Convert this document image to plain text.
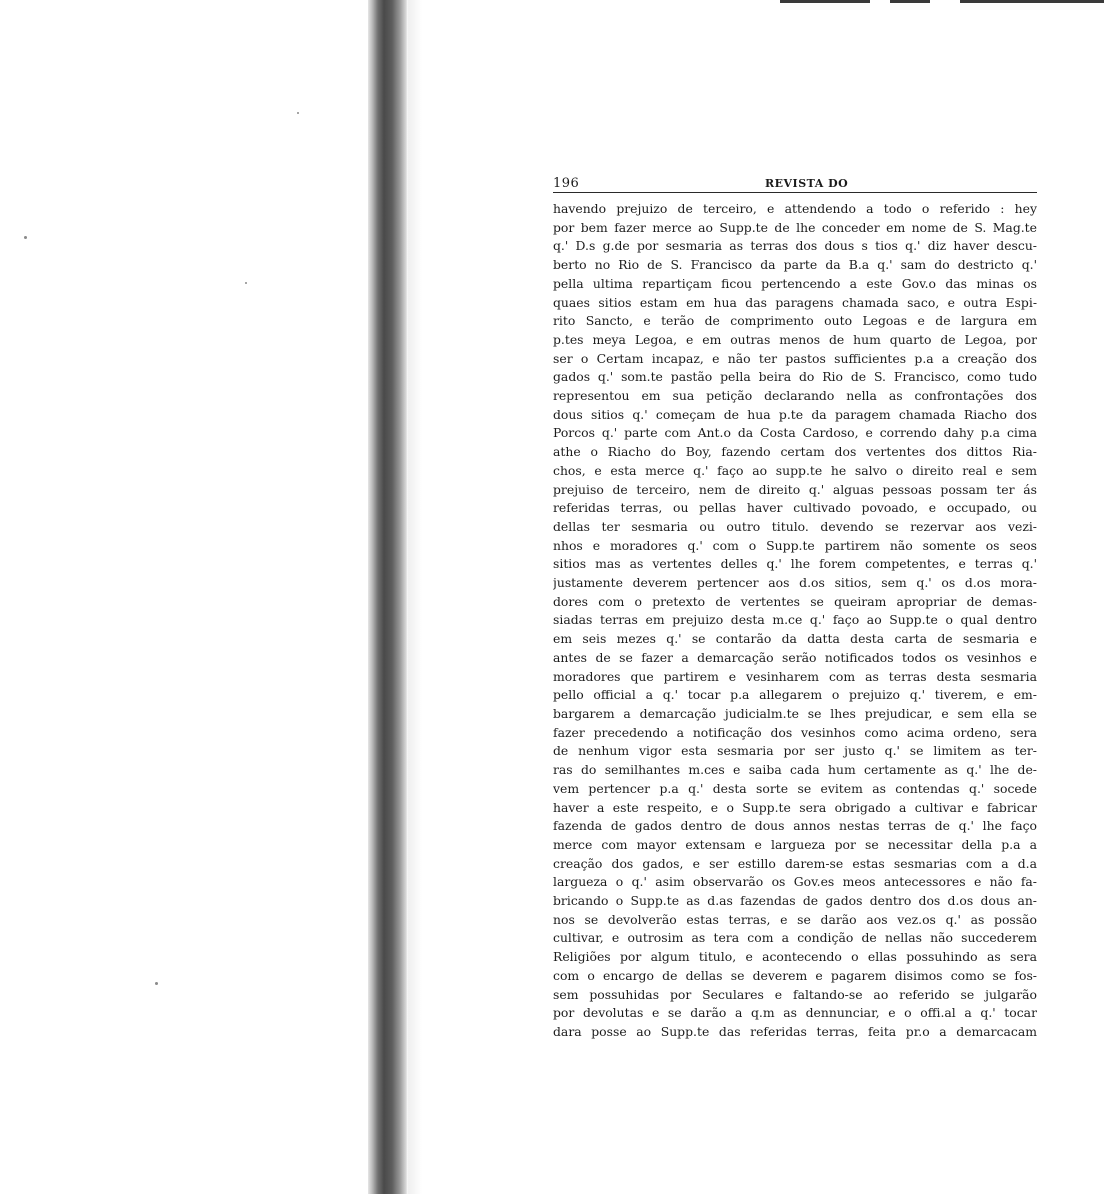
196	REVISTA DO
havendo prejuizo de terceiro, e attendendo a todo o referido : hey
por bem fazer merce ao Supp.te de lhe conceder em nome de S. Mag.te
q.' D.s g.de por sesmaria as terras dos dous s tios q.' diz haver descu-
berto no Rio de S. Francisco da parte da B.a q.' sam do destricto q.'
pella ultima repartiçam ficou pertencendo a este Gov.o das minas os
quaes sitios estam em hua das paragens chamada saco, e outra Espi-
rito Sancto, e terão de comprimento outo Legoas e de largura em
p.tes meya Legoa, e em outras menos de hum quarto de Legoa, por
ser o Certam incapaz, e não ter pastos sufficientes p.a a creação dos
gados q.' som.te pastão pella beira do Rio de S. Francisco, como tudo
representou em sua petição declarando nella as confrontações dos
dous sitios q.' começam de hua p.te da paragem chamada Riacho dos
Porcos q.' parte com Ant.o da Costa Cardoso, e correndo dahy p.a cima
athe o Riacho do Boy, fazendo certam dos vertentes dos dittos Ria-
chos, e esta merce q.' faço ao supp.te he salvo o direito real e sem
prejuiso de terceiro, nem de direito q.' alguas pessoas possam ter ás
referidas terras, ou pellas haver cultivado povoado, e occupado, ou
dellas ter sesmaria ou outro titulo. devendo se rezervar aos vezi-
nhos e moradores q.' com o Supp.te partirem não somente os seos
sitios mas as vertentes delles q.' lhe forem competentes, e terras q.'
justamente deverem pertencer aos d.os sitios, sem q.' os d.os mora-
dores com o pretexto de vertentes se queiram apropriar de demas-
siadas terras em prejuizo desta m.ce q.' faço ao Supp.te o qual dentro
em seis mezes q.' se contarão da datta desta carta de sesmaria e
antes de se fazer a demarcação serão notificados todos os vesinhos e
moradores que partirem e vesinharem com as terras desta sesmaria
pello official a q.' tocar p.a allegarem o prejuizo q.' tiverem, e em-
bargarem a demarcação judicialm.te se lhes prejudicar, e sem ella se
fazer precedendo a notificação dos vesinhos como acima ordeno, sera
de nenhum vigor esta sesmaria por ser justo q.' se limitem as ter-
ras do semilhantes m.ces e saiba cada hum certamente as q.' lhe de-
vem pertencer p.a q.' desta sorte se evitem as contendas q.' socede
haver a este respeito, e o Supp.te sera obrigado a cultivar e fabricar
fazenda de gados dentro de dous annos nestas terras de q.' lhe faço
merce com mayor extensam e largueza por se necessitar della p.a a
creação dos gados, e ser estillo darem-se estas sesmarias com a d.a
largueza o q.' asim observarão os Gov.es meos antecessores e não fa-
bricando o Supp.te as d.as fazendas de gados dentro dos d.os dous an-
nos se devolverão estas terras, e se darão aos vez.os q.' as possão
cultivar, e outrosim as tera com a condição de nellas não succederem
Religiões por algum titulo, e acontecendo o ellas possuhindo as sera
com o encargo de dellas se deverem e pagarem disimos como se fos-
sem possuhidas por Seculares e faltando-se ao referido se julgarão
por devolutas e se darão a q.m as dennunciar, e o offi.al a q.' tocar
dara posse ao Supp.te das referidas terras, feita pr.o a demarcacam
